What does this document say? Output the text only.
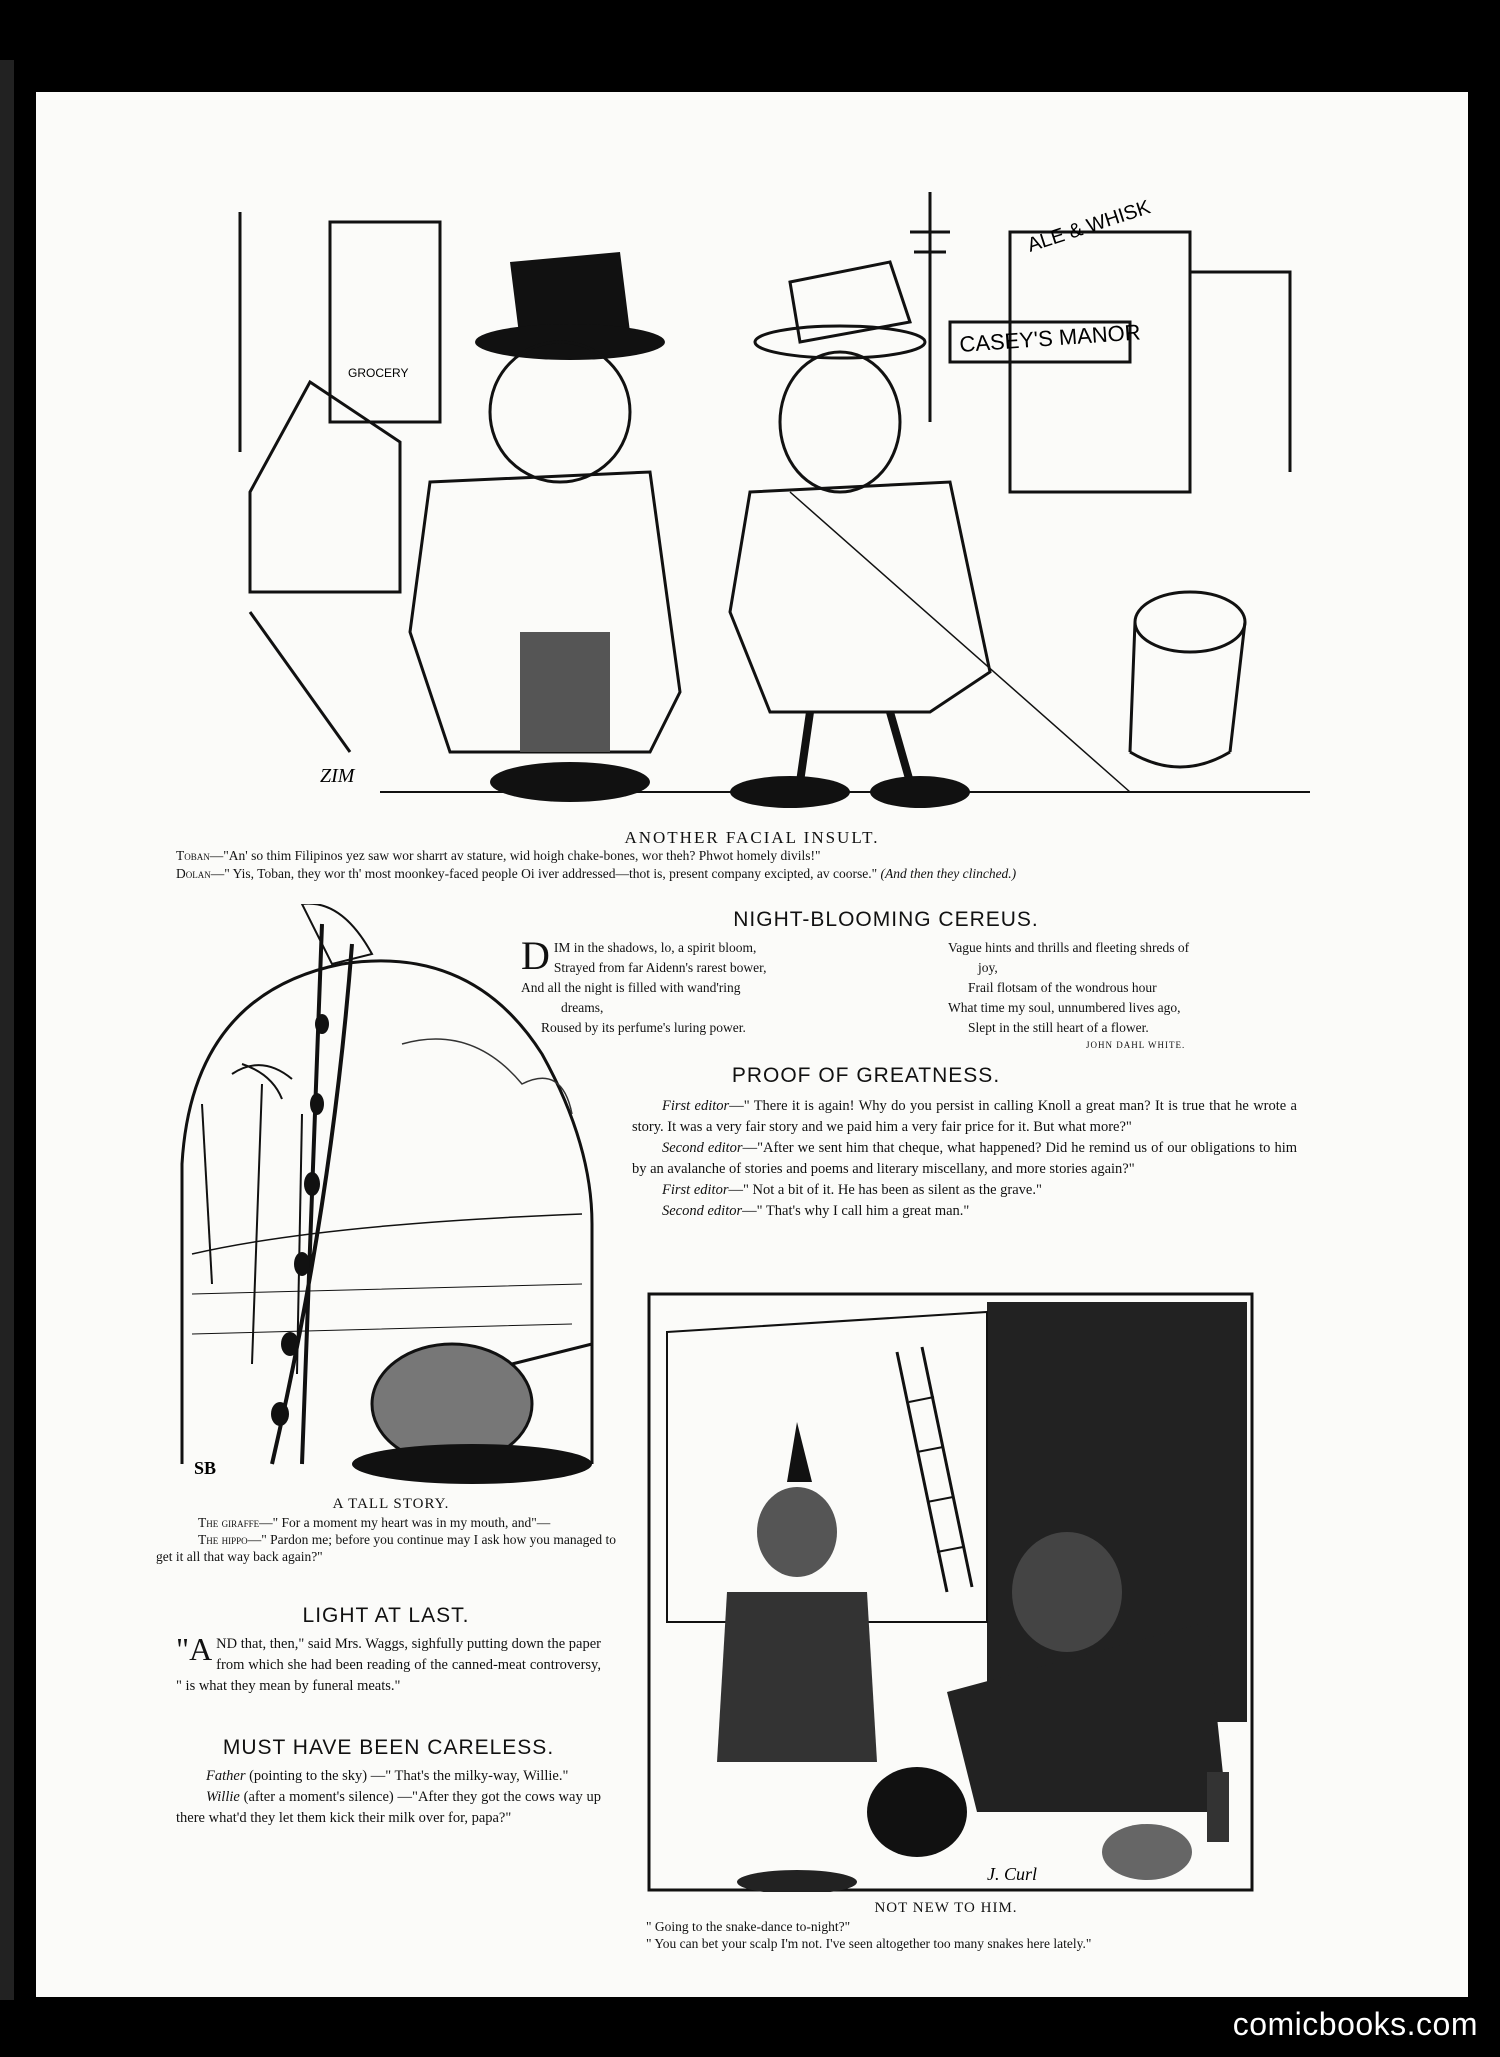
ALE & WHISK
CASEY'S MANOR
GROCERY
ZIM
ANOTHER FACIAL INSULT.
Toban—"An' so thim Filipinos yez saw wor sharrt av stature, wid hoigh chake-bones, wor theh? Phwot homely divils!"
Dolan—" Yis, Toban, they wor th' most moonkey-faced people Oi iver addressed—thot is, present company excipted, av coorse." (And then they clinched.)
NIGHT-BLOOMING CEREUS.
D IM in the shadows, lo, a spirit bloom,
Strayed from far Aidenn's rarest bower,
And all the night is filled with wand'ring
dreams,
Roused by its perfume's luring power.
Vague hints and thrills and fleeting shreds of
joy,
Frail flotsam of the wondrous hour
What time my soul, unnumbered lives ago,
Slept in the still heart of a flower.
JOHN DAHL WHITE.
PROOF OF GREATNESS.
First editor—" There it is again! Why do you persist in calling Knoll a great man? It is true that he wrote a story. It was a very fair story and we paid him a very fair price for it. But what more?"
Second editor—"After we sent him that cheque, what happened? Did he remind us of our obligations to him by an avalanche of stories and poems and literary miscellany, and more stories again?"
First editor—" Not a bit of it. He has been as silent as the grave."
Second editor—" That's why I call him a great man."
SB
A TALL STORY.
The giraffe—" For a moment my heart was in my mouth, and"—
The hippo—" Pardon me; before you continue may I ask how you managed to get it all that way back again?"
LIGHT AT LAST.
"AND that, then," said Mrs. Waggs, sighfully putting down the paper from which she had been reading of the canned-meat controversy, " is what they mean by funeral meats."
MUST HAVE BEEN CARELESS.
Father (pointing to the sky) —" That's the milky-way, Willie."
Willie (after a moment's silence) —"After they got the cows way up there what'd they let them kick their milk over for, papa?"
J. Curl
NOT NEW TO HIM.
" Going to the snake-dance to-night?"
" You can bet your scalp I'm not. I've seen altogether too many snakes here lately."
comicbooks.com
